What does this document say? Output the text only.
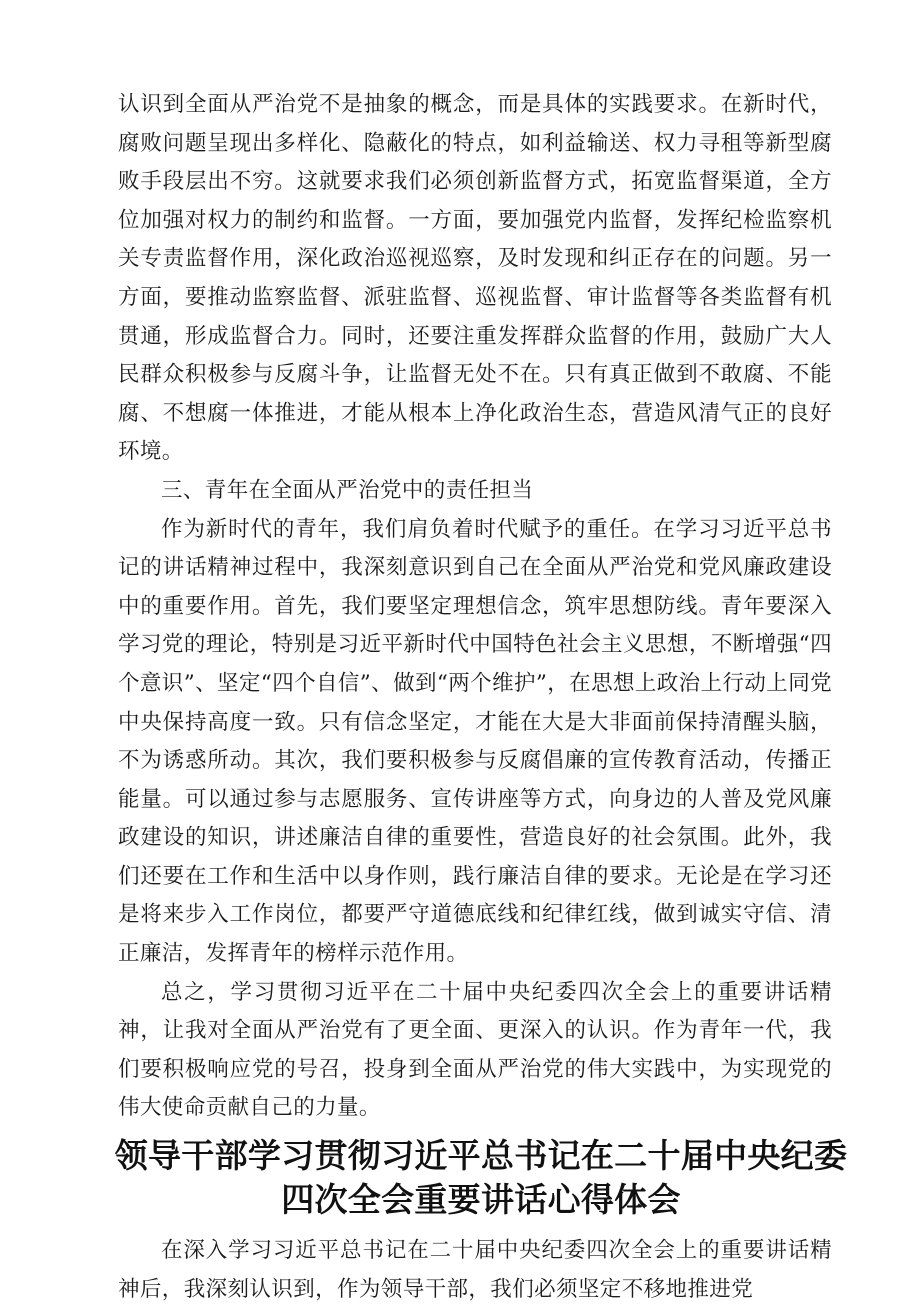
认识到全面从严治党不是抽象的概念，而是具体的实践要求。在新时代，腐败问题呈现出多样化、隐蔽化的特点，如利益输送、权力寻租等新型腐败手段层出不穷。这就要求我们必须创新监督方式，拓宽监督渠道，全方位加强对权力的制约和监督。一方面，要加强党内监督，发挥纪检监察机关专责监督作用，深化政治巡视巡察，及时发现和纠正存在的问题。另一方面，要推动监察监督、派驻监督、巡视监督、审计监督等各类监督有机贯通，形成监督合力。同时，还要注重发挥群众监督的作用，鼓励广大人民群众积极参与反腐斗争，让监督无处不在。只有真正做到不敢腐、不能腐、不想腐一体推进，才能从根本上净化政治生态，营造风清气正的良好环境。

三、青年在全面从严治党中的责任担当

作为新时代的青年，我们肩负着时代赋予的重任。在学习习近平总书记的讲话精神过程中，我深刻意识到自己在全面从严治党和党风廉政建设中的重要作用。首先，我们要坚定理想信念，筑牢思想防线。青年要深入学习党的理论，特别是习近平新时代中国特色社会主义思想，不断增强“四个意识”、坚定“四个自信”、做到“两个维护”，在思想上政治上行动上同党中央保持高度一致。只有信念坚定，才能在大是大非面前保持清醒头脑，不为诱惑所动。其次，我们要积极参与反腐倡廉的宣传教育活动，传播正能量。可以通过参与志愿服务、宣传讲座等方式，向身边的人普及党风廉政建设的知识，讲述廉洁自律的重要性，营造良好的社会氛围。此外，我们还要在工作和生活中以身作则，践行廉洁自律的要求。无论是在学习还是将来步入工作岗位，都要严守道德底线和纪律红线，做到诚实守信、清正廉洁，发挥青年的榜样示范作用。

总之，学习贯彻习近平在二十届中央纪委四次全会上的重要讲话精神，让我对全面从严治党有了更全面、更深入的认识。作为青年一代，我们要积极响应党的号召，投身到全面从严治党的伟大实践中，为实现党的伟大使命贡献自己的力量。

领导干部学习贯彻习近平总书记在二十届中央纪委
四次全会重要讲话心得体会

在深入学习习近平总书记在二十届中央纪委四次全会上的重要讲话精神后，我深刻认识到，作为领导干部，我们必须坚定不移地推进党
